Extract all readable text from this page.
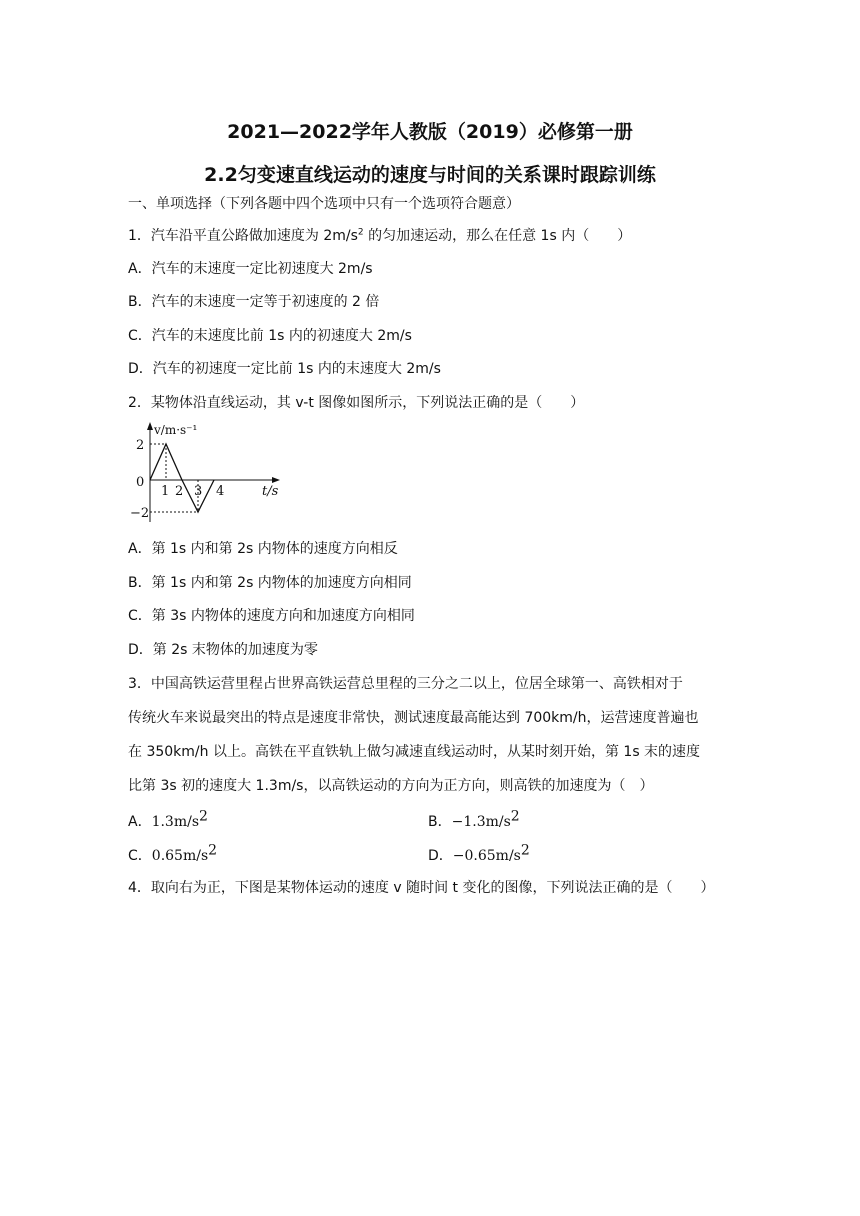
2021—2022学年人教版（2019）必修第一册
2.2匀变速直线运动的速度与时间的关系课时跟踪训练
一、单项选择（下列各题中四个选项中只有一个选项符合题意）
1．汽车沿平直公路做加速度为 $2m/s^2$ 的匀加速运动，那么在任意 1s 内（　　）
A．汽车的末速度一定比初速度大 2m/s
B．汽车的末速度一定等于初速度的 2 倍
C．汽车的末速度比前 1s 内的初速度大 2m/s
D．汽车的初速度一定比前 1s 内的末速度大 2m/s
2．某物体沿直线运动，其 v-t 图像如图所示，下列说法正确的是（　　）
v/m·s⁻¹
2
0
−2
1 2 3 4	t/s
A．第 1s 内和第 2s 内物体的速度方向相反
B．第 1s 内和第 2s 内物体的加速度方向相同
C．第 3s 内物体的速度方向和加速度方向相同
D．第 2s 末物体的加速度为零
3．中国高铁运营里程占世界高铁运营总里程的三分之二以上，位居全球第一、高铁相对于
传统火车来说最突出的特点是速度非常快，测试速度最高能达到 700km/h，运营速度普遍也
在 350km/h 以上。高铁在平直铁轨上做匀减速直线运动时，从某时刻开始，第 1s 末的速度
比第 3s 初的速度大 1.3m/s，以高铁运动的方向为正方向，则高铁的加速度为（　）
A．$1.3m/s^2$	B．$-1.3m/s^2$
C．$0.65m/s^2$	D．$-0.65m/s^2$
4．取向右为正，下图是某物体运动的速度 v 随时间 t 变化的图像，下列说法正确的是（　　）
